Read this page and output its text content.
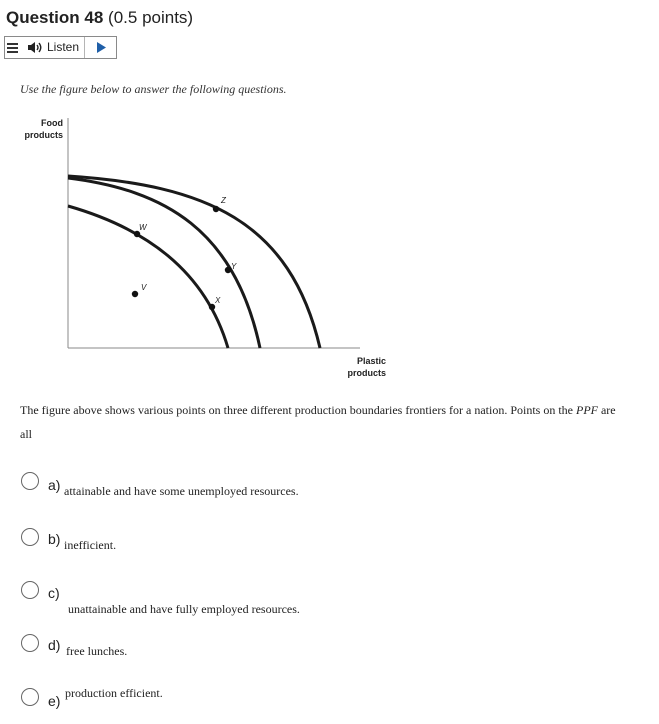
Question 48 (0.5 points)
Listen
Use the figure below to answer the following questions.
Food
products
Plastic
products
W
V
Z
Y
X
The figure above shows various points on three different production boundaries frontiers for a nation. Points on the PPF are all
a) attainable and have some unemployed resources.
b) inefficient.
c)
unattainable and have fully employed resources.
d) free lunches.
e) production efficient.
